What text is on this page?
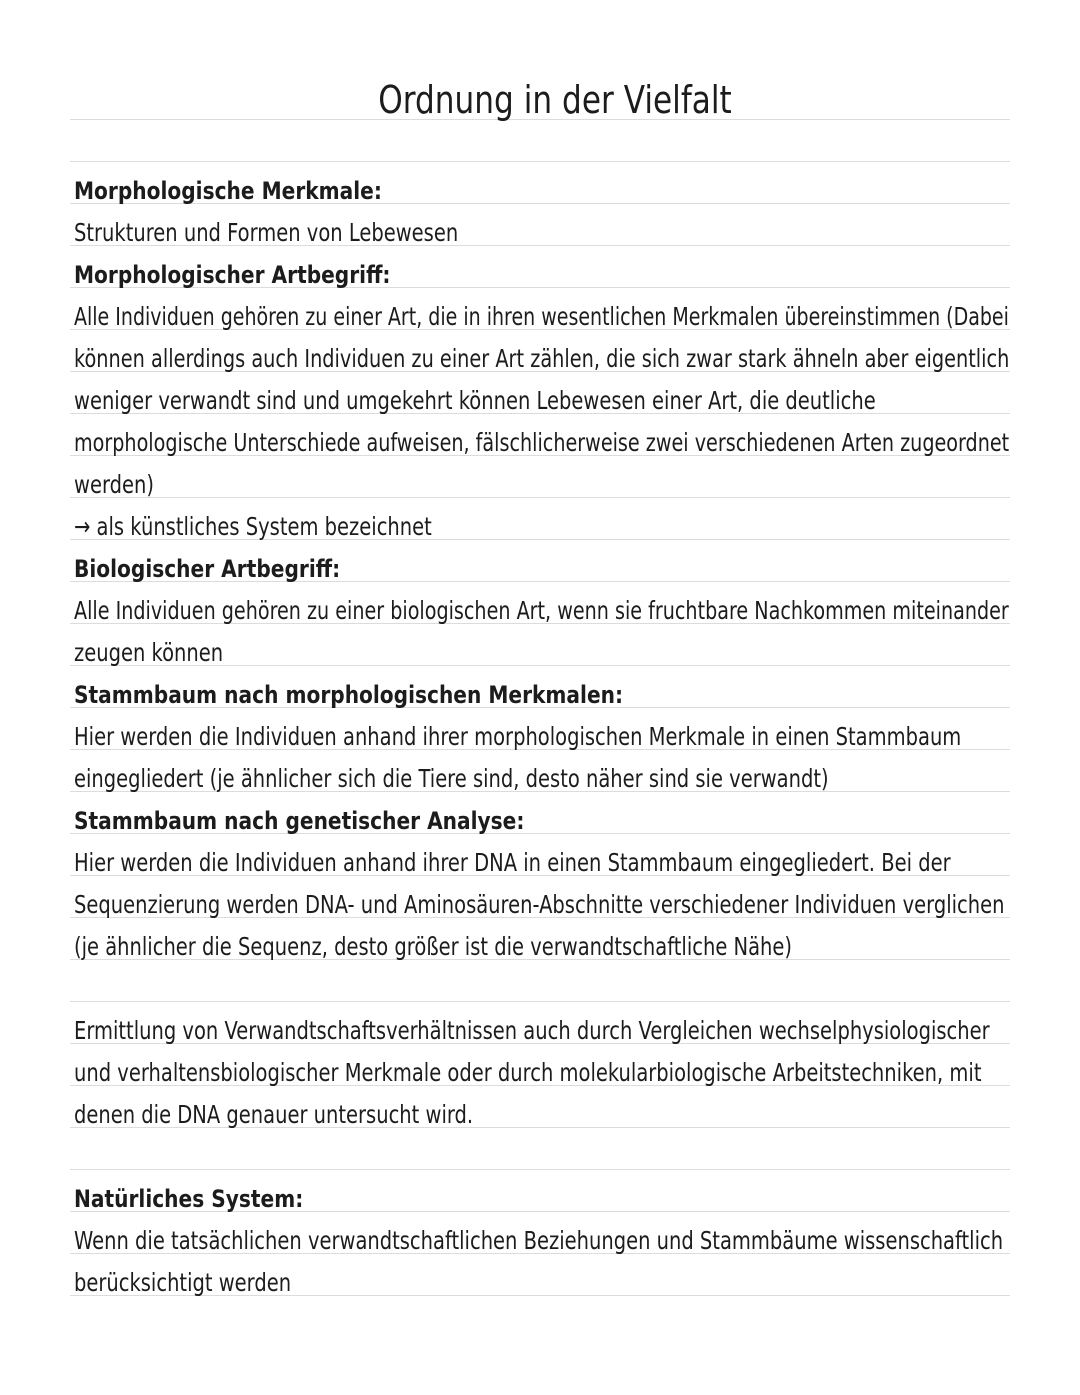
Ordnung in der Vielfalt
Morphologische Merkmale:
Strukturen und Formen von Lebewesen
Morphologischer Artbegriff:
Alle Individuen gehören zu einer Art, die in ihren wesentlichen Merkmalen übereinstimmen (Dabei
können allerdings auch Individuen zu einer Art zählen, die sich zwar stark ähneln aber eigentlich
weniger verwandt sind und umgekehrt können Lebewesen einer Art, die deutliche
morphologische Unterschiede aufweisen, fälschlicherweise zwei verschiedenen Arten zugeordnet
werden)
→ als künstliches System bezeichnet
Biologischer Artbegriff:
Alle Individuen gehören zu einer biologischen Art, wenn sie fruchtbare Nachkommen miteinander
zeugen können
Stammbaum nach morphologischen Merkmalen:
Hier werden die Individuen anhand ihrer morphologischen Merkmale in einen Stammbaum
eingegliedert (je ähnlicher sich die Tiere sind, desto näher sind sie verwandt)
Stammbaum nach genetischer Analyse:
Hier werden die Individuen anhand ihrer DNA in einen Stammbaum eingegliedert. Bei der
Sequenzierung werden DNA- und Aminosäuren-Abschnitte verschiedener Individuen verglichen
(je ähnlicher die Sequenz, desto größer ist die verwandtschaftliche Nähe)
Ermittlung von Verwandtschaftsverhältnissen auch durch Vergleichen wechselphysiologischer
und verhaltensbiologischer Merkmale oder durch molekularbiologische Arbeitstechniken, mit
denen die DNA genauer untersucht wird.
Natürliches System:
Wenn die tatsächlichen verwandtschaftlichen Beziehungen und Stammbäume wissenschaftlich
berücksichtigt werden
